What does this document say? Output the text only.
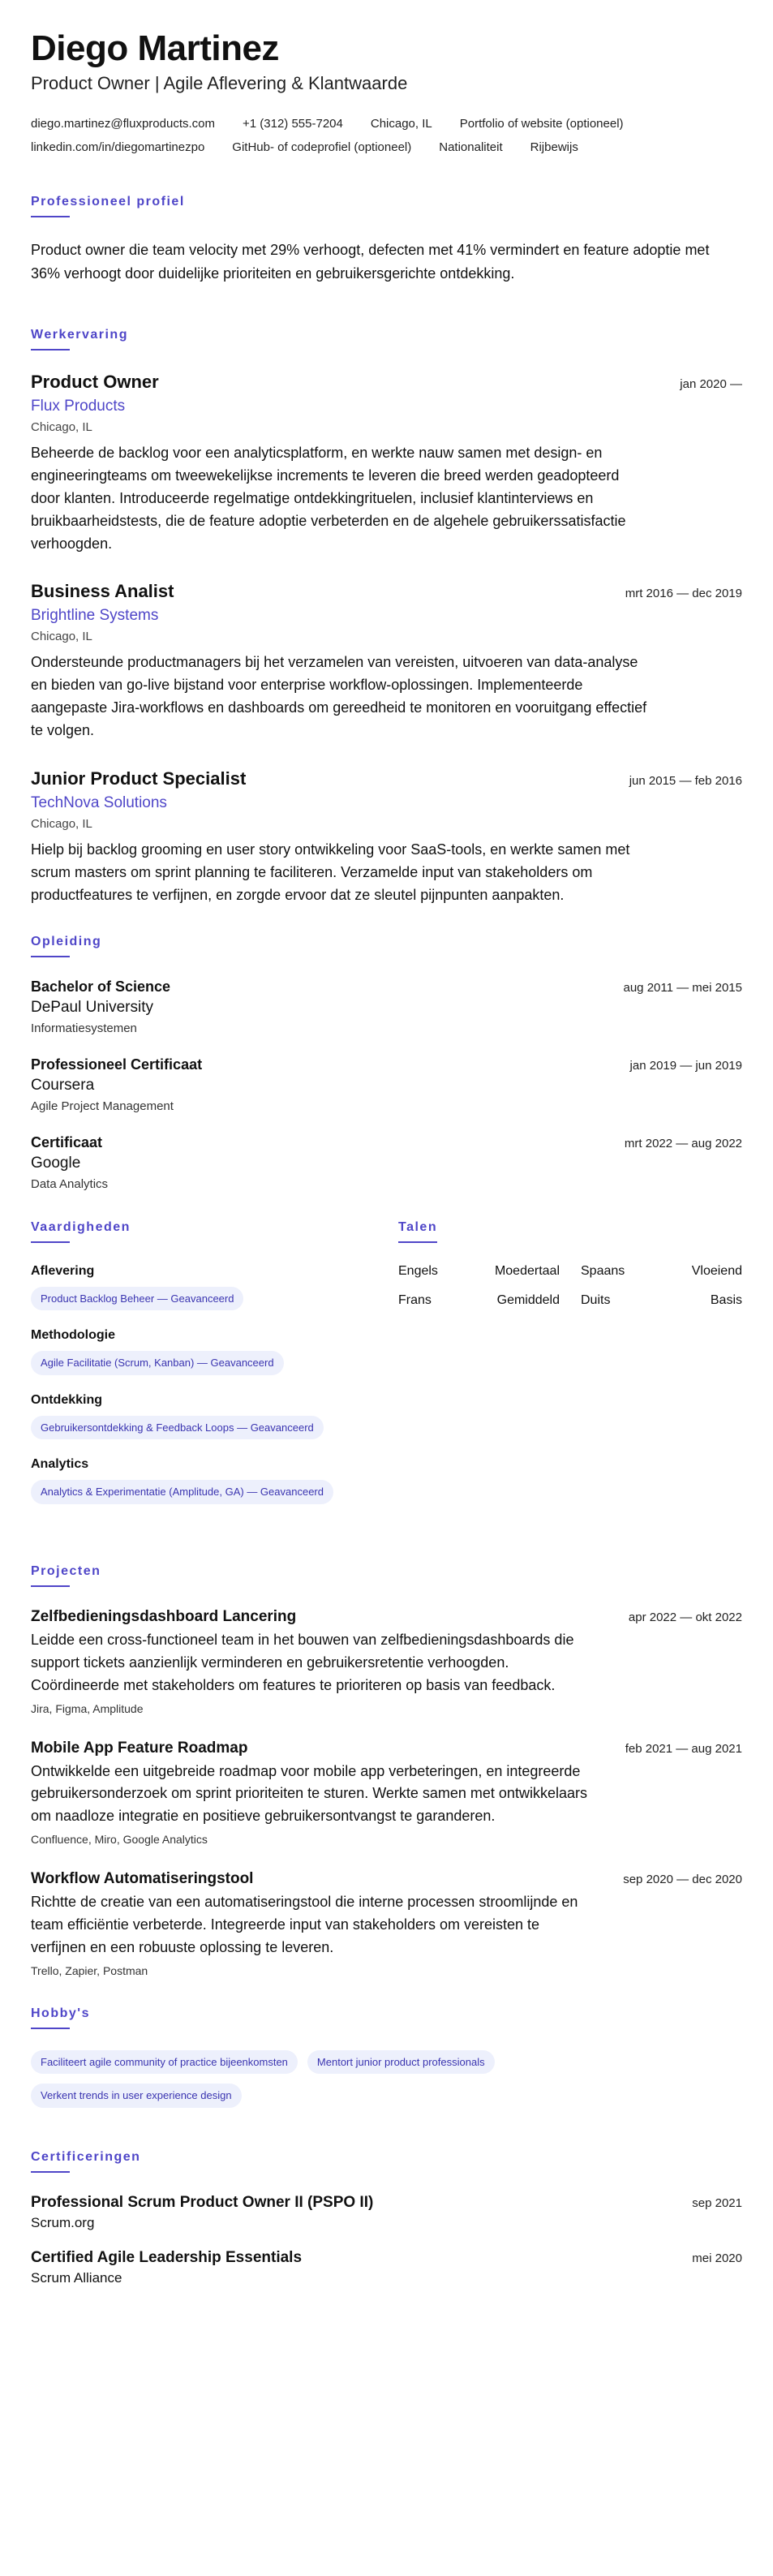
Diego Martinez
Product Owner | Agile Aflevering & Klantwaarde
diego.martinez@fluxproducts.com +1 (312) 555-7204 Chicago, IL Portfolio of website (optioneel)
linkedin.com/in/diegomartinezpo GitHub- of codeprofiel (optioneel) Nationaliteit Rijbewijs
Professioneel profiel

Product owner die team velocity met 29% verhoogt, defecten met 41% vermindert en feature adoptie met 36% verhoogt door duidelijke prioriteiten en gebruikersgerichte ontdekking.

Werkervaring
Product Owner	jan 2020 —
Flux Products
Chicago, IL

Beheerde de backlog voor een analyticsplatform, en werkte nauw samen met design- en engineeringteams om tweewekelijkse increments te leveren die breed werden geadopteerd door klanten. Introduceerde regelmatige ontdekkingrituelen, inclusief klantinterviews en bruikbaarheidstests, die de feature adoptie verbeterden en de algehele gebruikerssatisfactie verhoogden.

Business Analist	mrt 2016 — dec 2019
Brightline Systems
Chicago, IL

Ondersteunde productmanagers bij het verzamelen van vereisten, uitvoeren van data-analyse en bieden van go-live bijstand voor enterprise workflow-oplossingen. Implementeerde aangepaste Jira-workflows en dashboards om gereedheid te monitoren en vooruitgang effectief te volgen.

Junior Product Specialist	jun 2015 — feb 2016
TechNova Solutions
Chicago, IL

Hielp bij backlog grooming en user story ontwikkeling voor SaaS-tools, en werkte samen met scrum masters om sprint planning te faciliteren. Verzamelde input van stakeholders om productfeatures te verfijnen, en zorgde ervoor dat ze sleutel pijnpunten aanpakten.

Opleiding
Bachelor of Science	aug 2011 — mei 2015
DePaul University
Informatiesystemen
Professioneel Certificaat	jan 2019 — jun 2019
Coursera
Agile Project Management
Certificaat	mrt 2022 — aug 2022
Google
Data Analytics
Vaardigheden
Aflevering
Product Backlog Beheer — Geavanceerd
Methodologie
Agile Facilitatie (Scrum, Kanban) — Geavanceerd
Ontdekking
Gebruikersontdekking & Feedback Loops — Geavanceerd
Analytics
Analytics & Experimentatie (Amplitude, GA) — Geavanceerd
Talen
Engels	Moedertaal Spaans	Vloeiend
Frans	Gemiddeld Duits	Basis
Projecten
Zelfbedieningsdashboard Lancering	apr 2022 — okt 2022

Leidde een cross-functioneel team in het bouwen van zelfbedieningsdashboards die support tickets aanzienlijk verminderen en gebruikersretentie verhoogden. Coördineerde met stakeholders om features te prioriteren op basis van feedback.

Jira, Figma, Amplitude
Mobile App Feature Roadmap	feb 2021 — aug 2021

Ontwikkelde een uitgebreide roadmap voor mobile app verbeteringen, en integreerde gebruikersonderzoek om sprint prioriteiten te sturen. Werkte samen met ontwikkelaars om naadloze integratie en positieve gebruikersontvangst te garanderen.

Confluence, Miro, Google Analytics
Workflow Automatiseringstool	sep 2020 — dec 2020

Richtte de creatie van een automatiseringstool die interne processen stroomlijnde en team efficiëntie verbeterde. Integreerde input van stakeholders om vereisten te verfijnen en een robuuste oplossing te leveren.

Trello, Zapier, Postman
Hobby's
Faciliteert agile community of practice bijeenkomsten	Mentort junior product professionals
Verkent trends in user experience design
Certificeringen
Professional Scrum Product Owner II (PSPO II)	sep 2021
Scrum.org
Certified Agile Leadership Essentials	mei 2020
Scrum Alliance
